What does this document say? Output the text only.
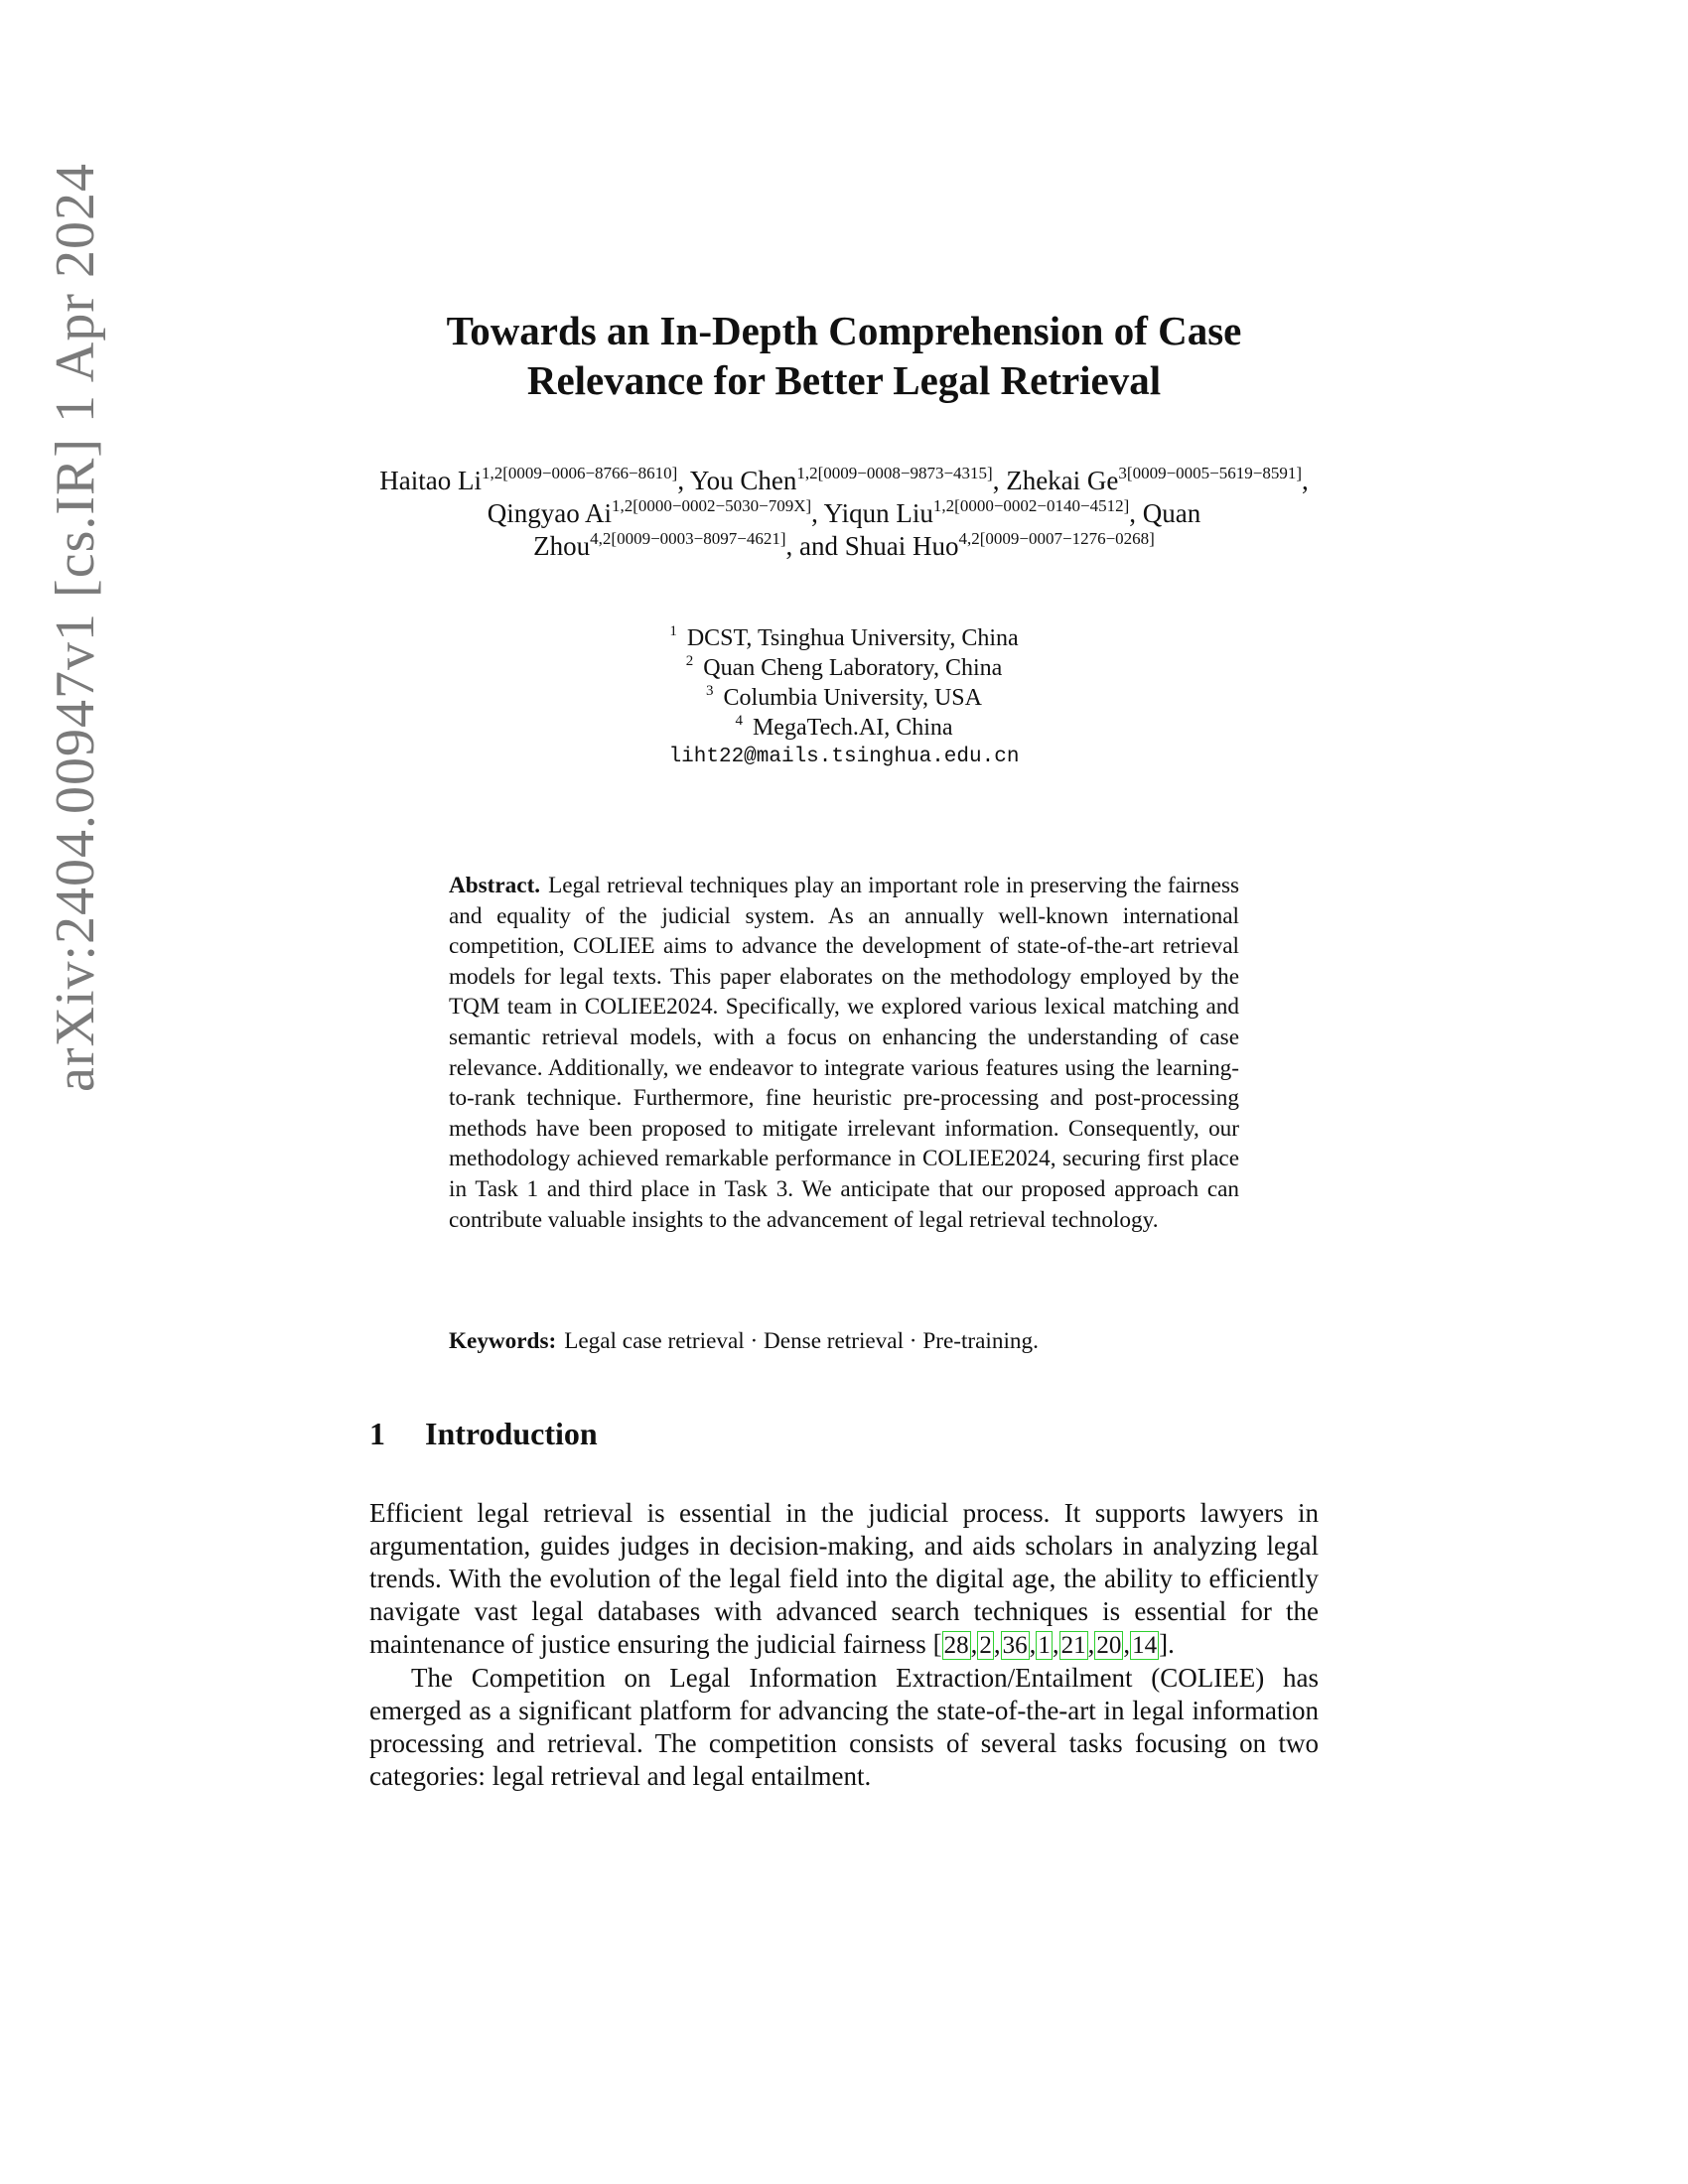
arXiv:2404.00947v1 [cs.IR] 1 Apr 2024	Towards an In-Depth Comprehension of Case
Relevance for Better Legal Retrieval
Haitao $Li^{1,2[0009-0006-8766-8610]}$, You Chen$^{1,2[0009-0008-9873-4315]}$, Zhekai $Ge^{3[0009-0005-5619-8591]}$, Qingyao $Ai^{1,2[0000-0002-5030-709X]}$, Yiqun Liu$^{1,2[0000-0002-0140-4512]}$, Quan Zhou$^{4,2[0009-0003-8097-4621]}$, and Shuai Huo$^{4,2[0009-0007-1276-0268]}$
$^1$ DCST, Tsinghua University, China
$^2$ Quan Cheng Laboratory, China
$^3$ Columbia University, USA
$^4$ MegaTech.AI, China
liht22@mails.tsinghua.edu.cn
Abstract. Legal retrieval techniques play an important role in preserving the fairness and equality of the judicial system. As an annually well-known international competition, COLIEE aims to advance the development of state-of-the-art retrieval models for legal texts. This paper elaborates on the methodology employed by the TQM team in COLIEE2024. Specifically, we explored various lexical matching and semantic retrieval models, with a focus on enhancing the understanding of case relevance. Additionally, we endeavor to integrate various features using the learning-to-rank technique. Furthermore, fine heuristic pre-processing and post-processing methods have been proposed to mitigate irrelevant information. Consequently, our methodology achieved remarkable performance in COLIEE2024, securing first place in Task 1 and third place in Task 3. We anticipate that our proposed approach can contribute valuable insights to the advancement of legal retrieval technology.
Keywords: Legal case retrieval · Dense retrieval · Pre-training.
1 Introduction

Efficient legal retrieval is essential in the judicial process. It supports lawyers in argumentation, guides judges in decision-making, and aids scholars in analyzing legal trends. With the evolution of the legal field into the digital age, the ability to efficiently navigate vast legal databases with advanced search techniques is essential for the maintenance of justice ensuring the judicial fairness [28,2,36,1,21,20,14].

The Competition on Legal Information Extraction/Entailment (COLIEE) has emerged as a significant platform for advancing the state-of-the-art in legal information processing and retrieval. The competition consists of several tasks focusing on two categories: legal retrieval and legal entailment.
